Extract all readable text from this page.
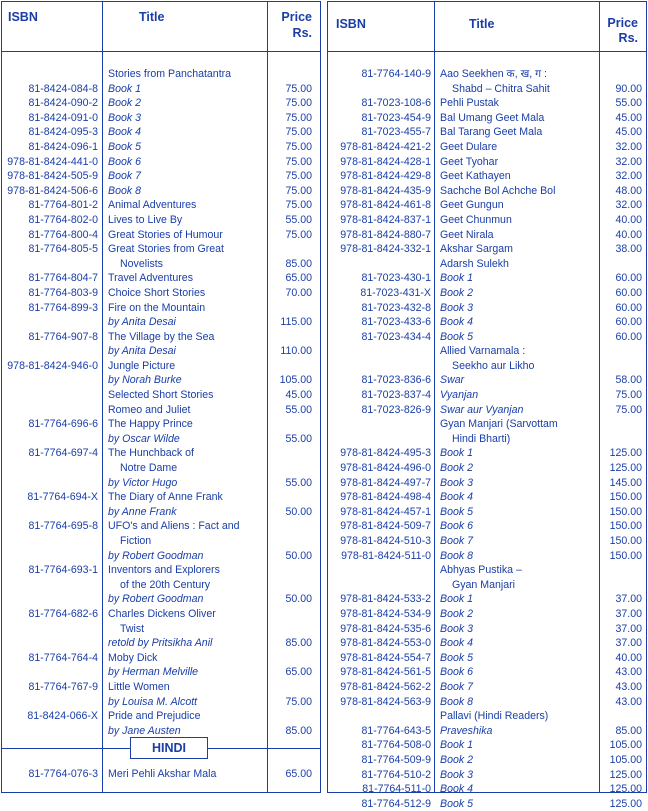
ISBN	Title	Price
Rs.
Stories from Panchatantra
81-8424-084-8 Book 1	75.00
81-8424-090-2 Book 2	75.00
81-8424-091-0 Book 3	75.00
81-8424-095-3 Book 4	75.00
81-8424-096-1 Book 5	75.00
978-81-8424-441-0 Book 6	75.00
978-81-8424-505-9 Book 7	75.00
978-81-8424-506-6 Book 8	75.00
81-7764-801-2 Animal Adventures	75.00
81-7764-802-0 Lives to Live By	55.00
81-7764-800-4 Great Stories of Humour	75.00
81-7764-805-5 Great Stories from Great
Novelists	85.00
81-7764-804-7 Travel Adventures	65.00
81-7764-803-9 Choice Short Stories	70.00
81-7764-899-3 Fire on the Mountain
by Anita Desai	115.00
81-7764-907-8 The Village by the Sea
by Anita Desai	110.00
978-81-8424-946-0 Jungle Picture
by Norah Burke	105.00
Selected Short Stories	45.00
Romeo and Juliet	55.00
81-7764-696-6 The Happy Prince
by Oscar Wilde	55.00
81-7764-697-4 The Hunchback of
Notre Dame
by Victor Hugo	55.00
81-7764-694-X The Diary of Anne Frank
by Anne Frank	50.00
81-7764-695-8 UFO's and Aliens : Fact and
Fiction
by Robert Goodman	50.00
81-7764-693-1 Inventors and Explorers
of the 20th Century
by Robert Goodman	50.00
81-7764-682-6 Charles Dickens Oliver
Twist
retold by Pritsikha Anil	85.00
81-7764-764-4 Moby Dick
by Herman Melville	65.00
81-7764-767-9 Little Women
by Louisa M. Alcott	75.00
81-8424-066-X Pride and Prejudice
by Jane Austen	85.00
HINDI
81-7764-076-3 Meri Pehli Akshar Mala	65.00
ISBN	Title	Price
Rs.
81-7764-140-9 Aao Seekhen क, ख, ग :
Shabd – Chitra Sahit	90.00
81-7023-108-6 Pehli Pustak	55.00
81-7023-454-9 Bal Umang Geet Mala	45.00
81-7023-455-7 Bal Tarang Geet Mala	45.00
978-81-8424-421-2 Geet Dulare	32.00
978-81-8424-428-1 Geet Tyohar	32.00
978-81-8424-429-8 Geet Kathayen	32.00
978-81-8424-435-9 Sachche Bol Achche Bol	48.00
978-81-8424-461-8 Geet Gungun	32.00
978-81-8424-837-1 Geet Chunmun	40.00
978-81-8424-880-7 Geet Nirala	40.00
978-81-8424-332-1 Akshar Sargam	38.00
Adarsh Sulekh
81-7023-430-1 Book 1	60.00
81-7023-431-X Book 2	60.00
81-7023-432-8 Book 3	60.00
81-7023-433-6 Book 4	60.00
81-7023-434-4 Book 5	60.00
Allied Varnamala :
Seekho aur Likho
81-7023-836-6 Swar	58.00
81-7023-837-4 Vyanjan	75.00
81-7023-826-9 Swar aur Vyanjan	75.00
Gyan Manjari (Sarvottam
Hindi Bharti)
978-81-8424-495-3 Book 1	125.00
978-81-8424-496-0 Book 2	125.00
978-81-8424-497-7 Book 3	145.00
978-81-8424-498-4 Book 4	150.00
978-81-8424-457-1 Book 5	150.00
978-81-8424-509-7 Book 6	150.00
978-81-8424-510-3 Book 7	150.00
978-81-8424-511-0 Book 8	150.00
Abhyas Pustika –
Gyan Manjari
978-81-8424-533-2 Book 1	37.00
978-81-8424-534-9 Book 2	37.00
978-81-8424-535-6 Book 3	37.00
978-81-8424-553-0 Book 4	37.00
978-81-8424-554-7 Book 5	40.00
978-81-8424-561-5 Book 6	43.00
978-81-8424-562-2 Book 7	43.00
978-81-8424-563-9 Book 8	43.00
Pallavi (Hindi Readers)
81-7764-643-5 Praveshika	85.00
81-7764-508-0 Book 1	105.00
81-7764-509-9 Book 2	105.00
81-7764-510-2 Book 3	125.00
81-7764-511-0 Book 4	125.00
81-7764-512-9 Book 5	125.00
